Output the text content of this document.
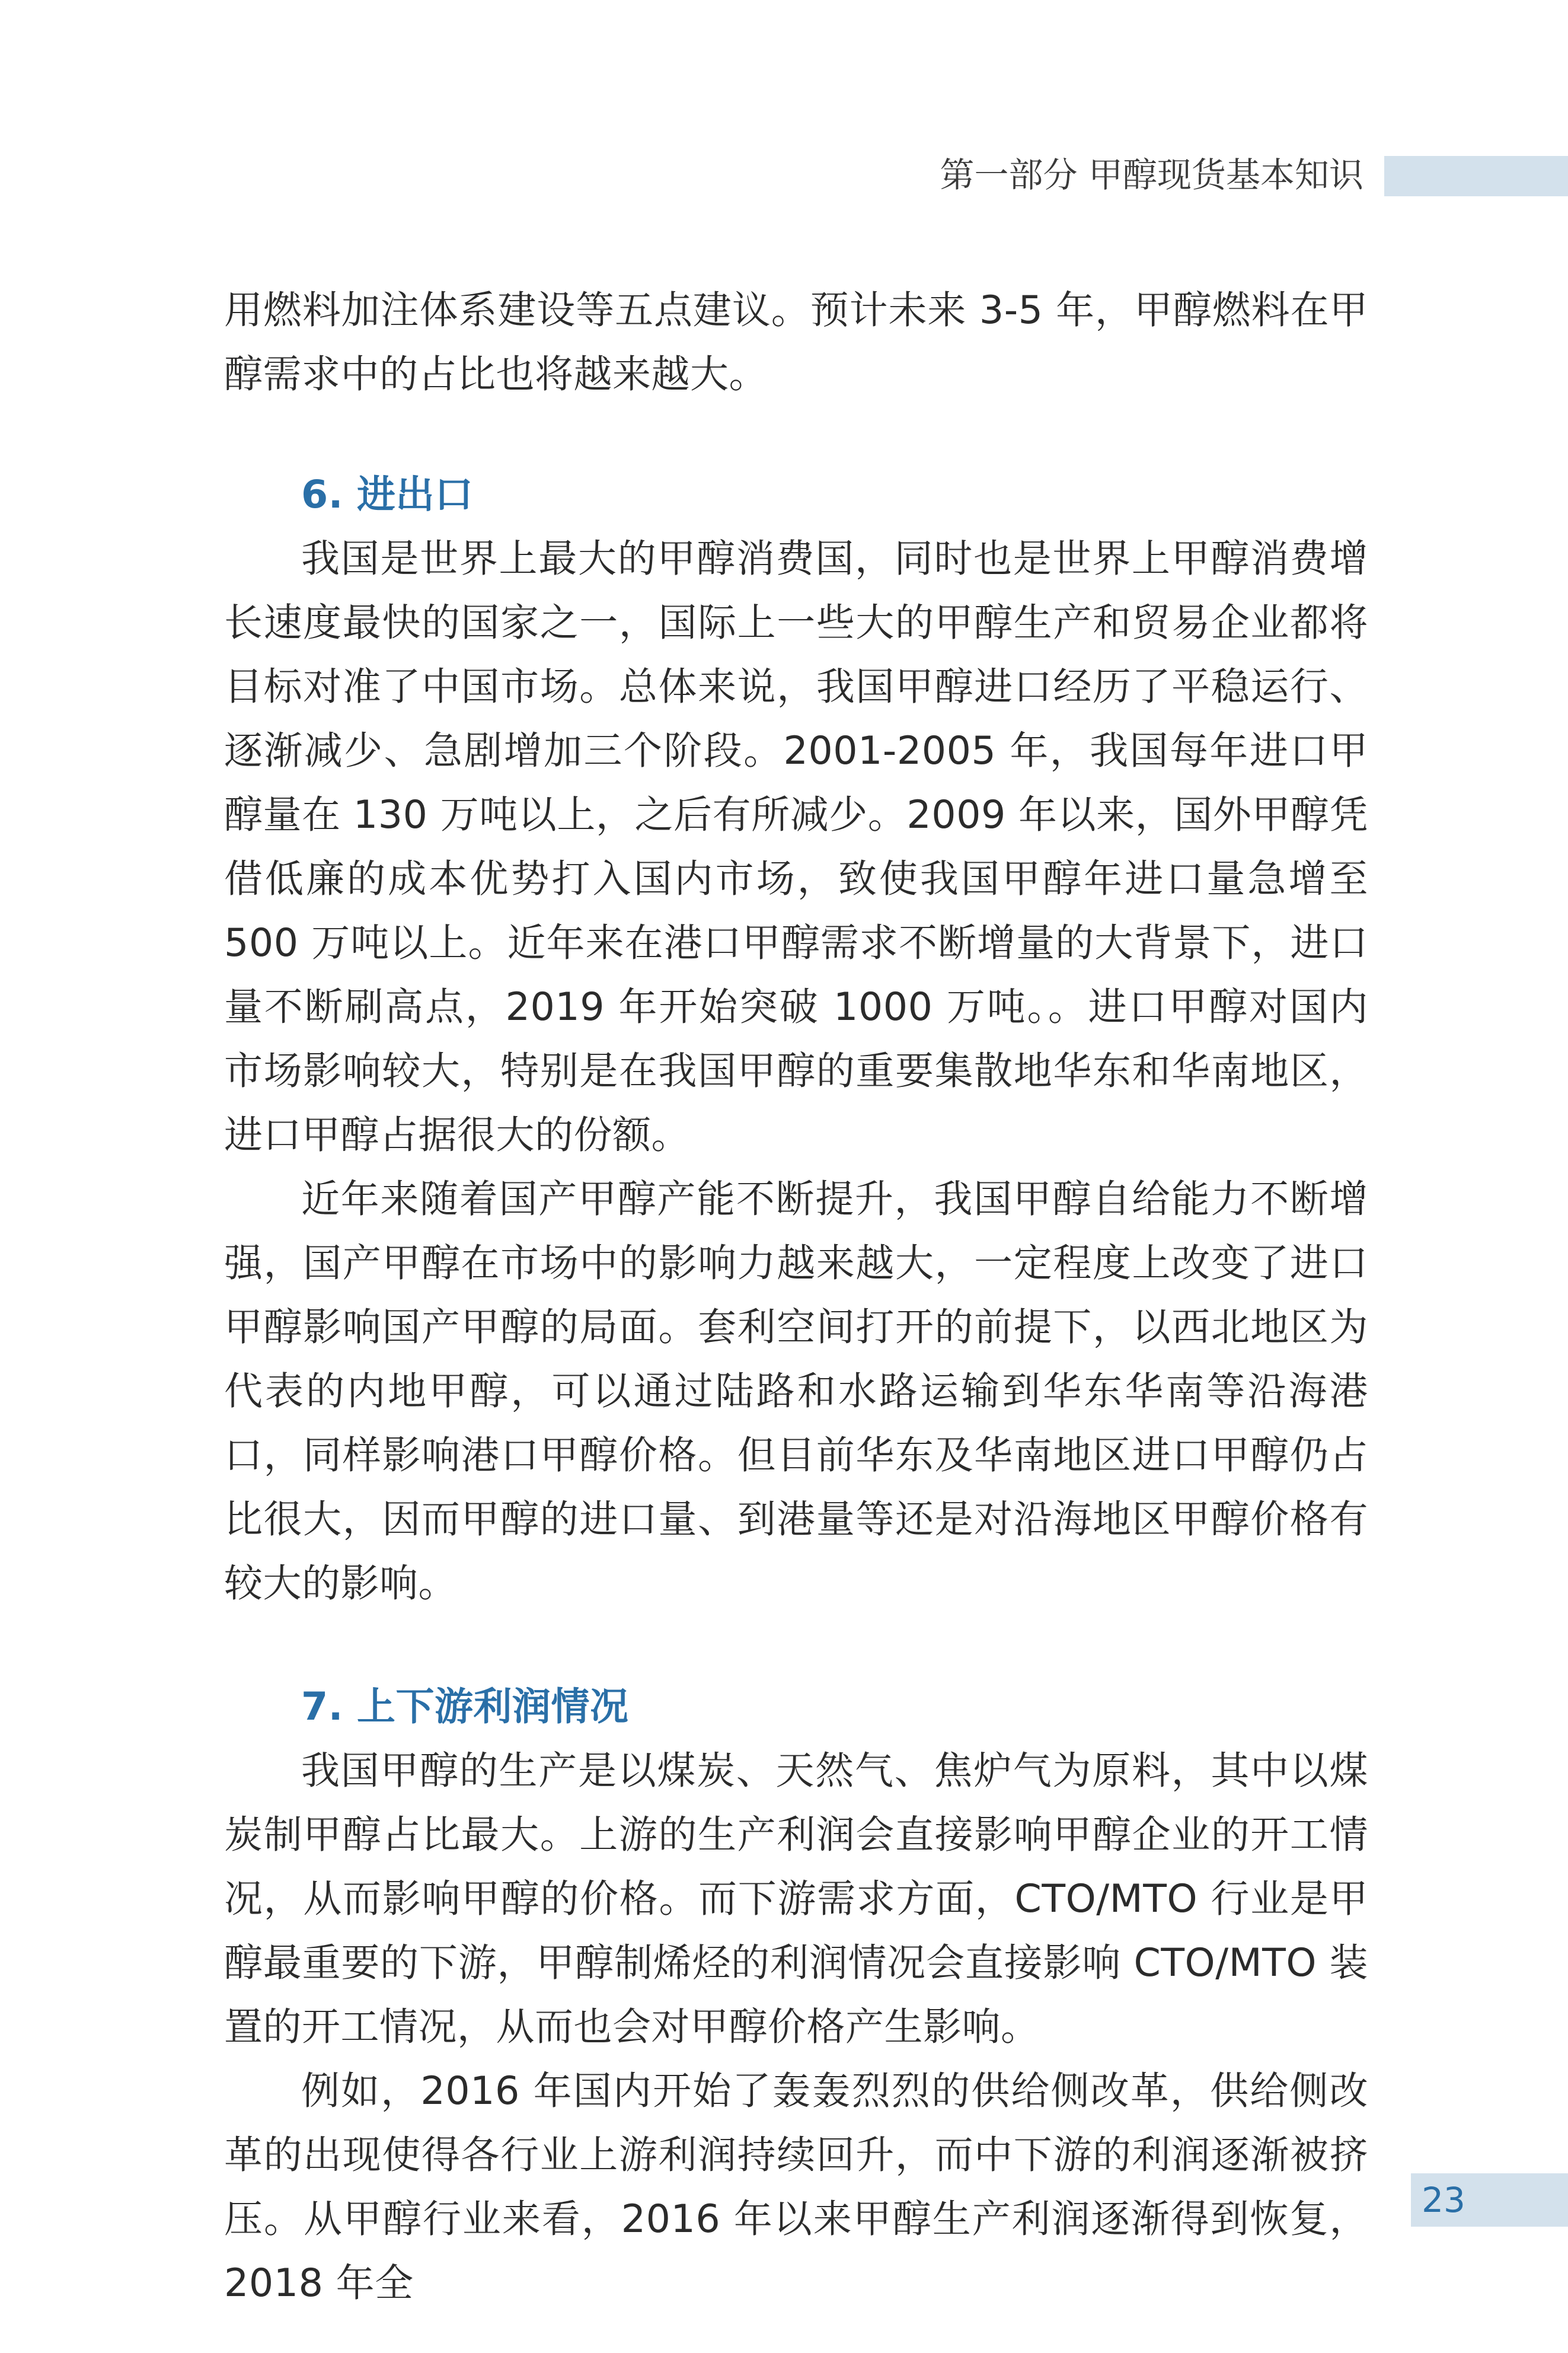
第一部分 甲醇现货基本知识

用燃料加注体系建设等五点建议。预计未来 3-5 年，甲醇燃料在甲醇需求中的占比也将越来越大。

6. 进出口

我国是世界上最大的甲醇消费国，同时也是世界上甲醇消费增长速度最快的国家之一，国际上一些大的甲醇生产和贸易企业都将目标对准了中国市场。总体来说，我国甲醇进口经历了平稳运行、逐渐减少、急剧增加三个阶段。2001-2005 年，我国每年进口甲醇量在 130 万吨以上，之后有所减少。2009 年以来，国外甲醇凭借低廉的成本优势打入国内市场，致使我国甲醇年进口量急增至 500 万吨以上。近年来在港口甲醇需求不断增量的大背景下，进口量不断刷高点，2019 年开始突破 1000 万吨。。进口甲醇对国内市场影响较大，特别是在我国甲醇的重要集散地华东和华南地区，进口甲醇占据很大的份额。

近年来随着国产甲醇产能不断提升，我国甲醇自给能力不断增强，国产甲醇在市场中的影响力越来越大，一定程度上改变了进口甲醇影响国产甲醇的局面。套利空间打开的前提下，以西北地区为代表的内地甲醇，可以通过陆路和水路运输到华东华南等沿海港口，同样影响港口甲醇价格。但目前华东及华南地区进口甲醇仍占比很大，因而甲醇的进口量、到港量等还是对沿海地区甲醇价格有较大的影响。

7. 上下游利润情况

我国甲醇的生产是以煤炭、天然气、焦炉气为原料，其中以煤炭制甲醇占比最大。上游的生产利润会直接影响甲醇企业的开工情况，从而影响甲醇的价格。而下游需求方面，CTO/MTO 行业是甲醇最重要的下游，甲醇制烯烃的利润情况会直接影响 CTO/MTO 装置的开工情况，从而也会对甲醇价格产生影响。

例如，2016 年国内开始了轰轰烈烈的供给侧改革，供给侧改革的出现使得各行业上游利润持续回升，而中下游的利润逐渐被挤压。从甲醇行业来看，2016 年以来甲醇生产利润逐渐得到恢复，2018 年全

23
